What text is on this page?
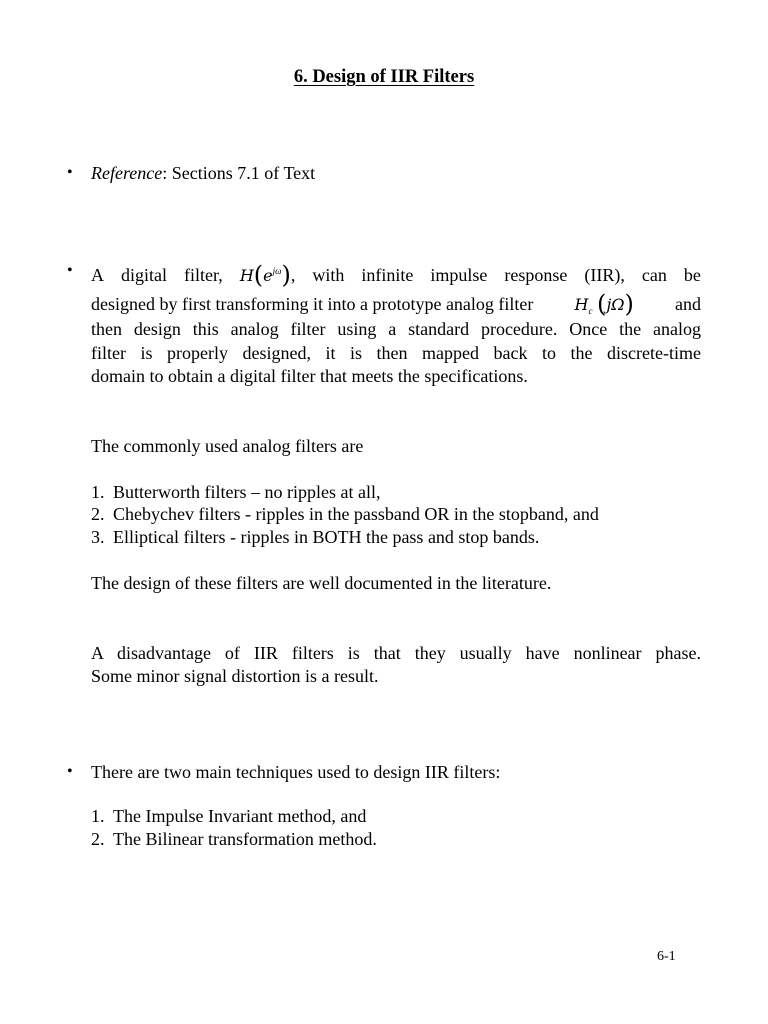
6. Design of IIR Filters
• Reference: Sections 7.1 of Text
• A digital filter, $H(e^{j\omega})$, with infinite impulse response (IIR), can be
designed by first transforming it into a prototype analog filter	$H_c$ (jΩ) and
then design this analog filter using a standard procedure. Once the analog
filter is properly designed, it is then mapped back to the discrete-time
domain to obtain a digital filter that meets the specifications.
The commonly used analog filters are
1. Butterworth filters – no ripples at all,
2. Chebychev filters - ripples in the passband OR in the stopband, and
3. Elliptical filters - ripples in BOTH the pass and stop bands.
The design of these filters are well documented in the literature.
A disadvantage of IIR filters is that they usually have nonlinear phase.
Some minor signal distortion is a result.
• There are two main techniques used to design IIR filters:
1. The Impulse Invariant method, and
2. The Bilinear transformation method.
6-1
